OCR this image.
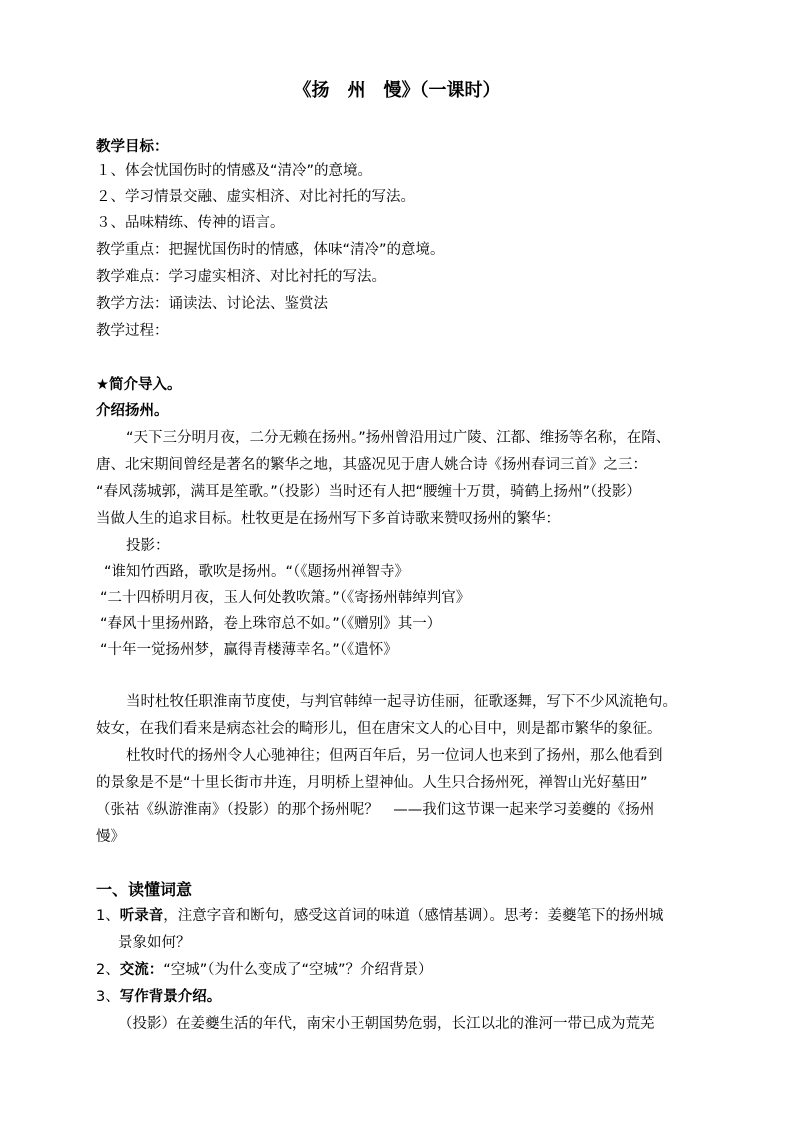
《扬　州　慢》（一课时）

教学目标：

１、体会忧国伤时的情感及“清冷”的意境。

２、学习情景交融、虚实相济、对比衬托的写法。

３、品味精练、传神的语言。

教学重点：把握忧国伤时的情感，体味“清冷”的意境。

教学难点：学习虚实相济、对比衬托的写法。

教学方法：诵读法、讨论法、鉴赏法

教学过程：

★简介导入。

介绍扬州。

“天下三分明月夜，二分无赖在扬州。”扬州曾沿用过广陵、江都、维扬等名称，在隋、

唐、北宋期间曾经是著名的繁华之地，其盛况见于唐人姚合诗《扬州春词三首》之三：

“春风荡城郭，满耳是笙歌。”（投影）当时还有人把“腰缠十万贯，骑鹤上扬州”（投影）

当做人生的追求目标。杜牧更是在扬州写下多首诗歌来赞叹扬州的繁华：

投影：

“谁知竹西路，歌吹是扬州。“（《题扬州禅智寺》

“二十四桥明月夜，玉人何处教吹箫。”（《寄扬州韩绰判官》

“春风十里扬州路，卷上珠帘总不如。”（《赠别》其一）

“十年一觉扬州梦，赢得青楼薄幸名。”（《遣怀》

当时杜牧任职淮南节度使，与判官韩绰一起寻访佳丽，征歌逐舞，写下不少风流艳句。

妓女，在我们看来是病态社会的畸形儿，但在唐宋文人的心目中，则是都市繁华的象征。

杜牧时代的扬州令人心驰神往；但两百年后，另一位词人也来到了扬州，那么他看到

的景象是不是“十里长街市井连，月明桥上望神仙。人生只合扬州死，禅智山光好墓田”

（张祜《纵游淮南》（投影）的那个扬州呢？　——我们这节课一起来学习姜夔的《扬州

慢》

一、读懂词意

1、听录音，注意字音和断句，感受这首词的味道（感情基调）。思考：姜夔笔下的扬州城

景象如何？

2、交流：“空城”（为什么变成了“空城”？介绍背景）

3、写作背景介绍。

（投影）在姜夔生活的年代，南宋小王朝国势危弱，长江以北的淮河一带已成为荒芜
